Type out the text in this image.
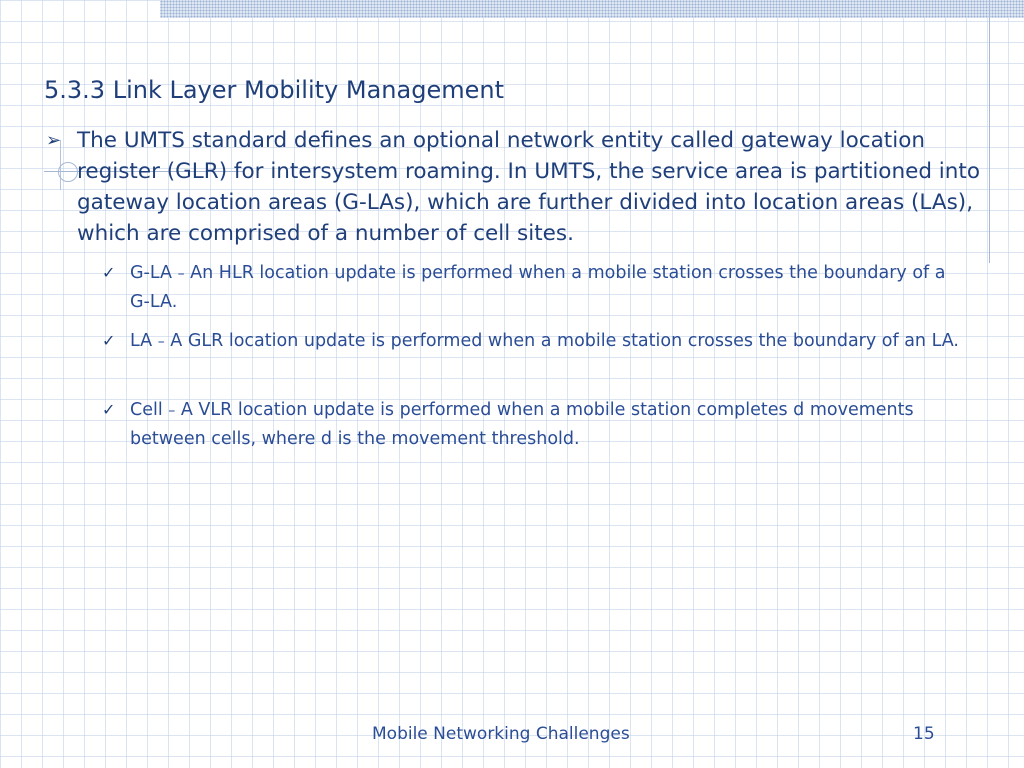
5.3.3 Link Layer Mobility Management
➢ The UMTS standard defines an optional network entity called gateway location register (GLR) for intersystem roaming. In UMTS, the service area is partitioned into gateway location areas (G-LAs), which are further divided into location areas (LAs), which are comprised of a number of cell sites.
✓ G-LA – An HLR location update is performed when a mobile station crosses the boundary of a G-LA.
✓ LA – A GLR location update is performed when a mobile station crosses the boundary of an LA.
✓ Cell – A VLR location update is performed when a mobile station completes d movements between cells, where d is the movement threshold.
Mobile Networking Challenges	15
